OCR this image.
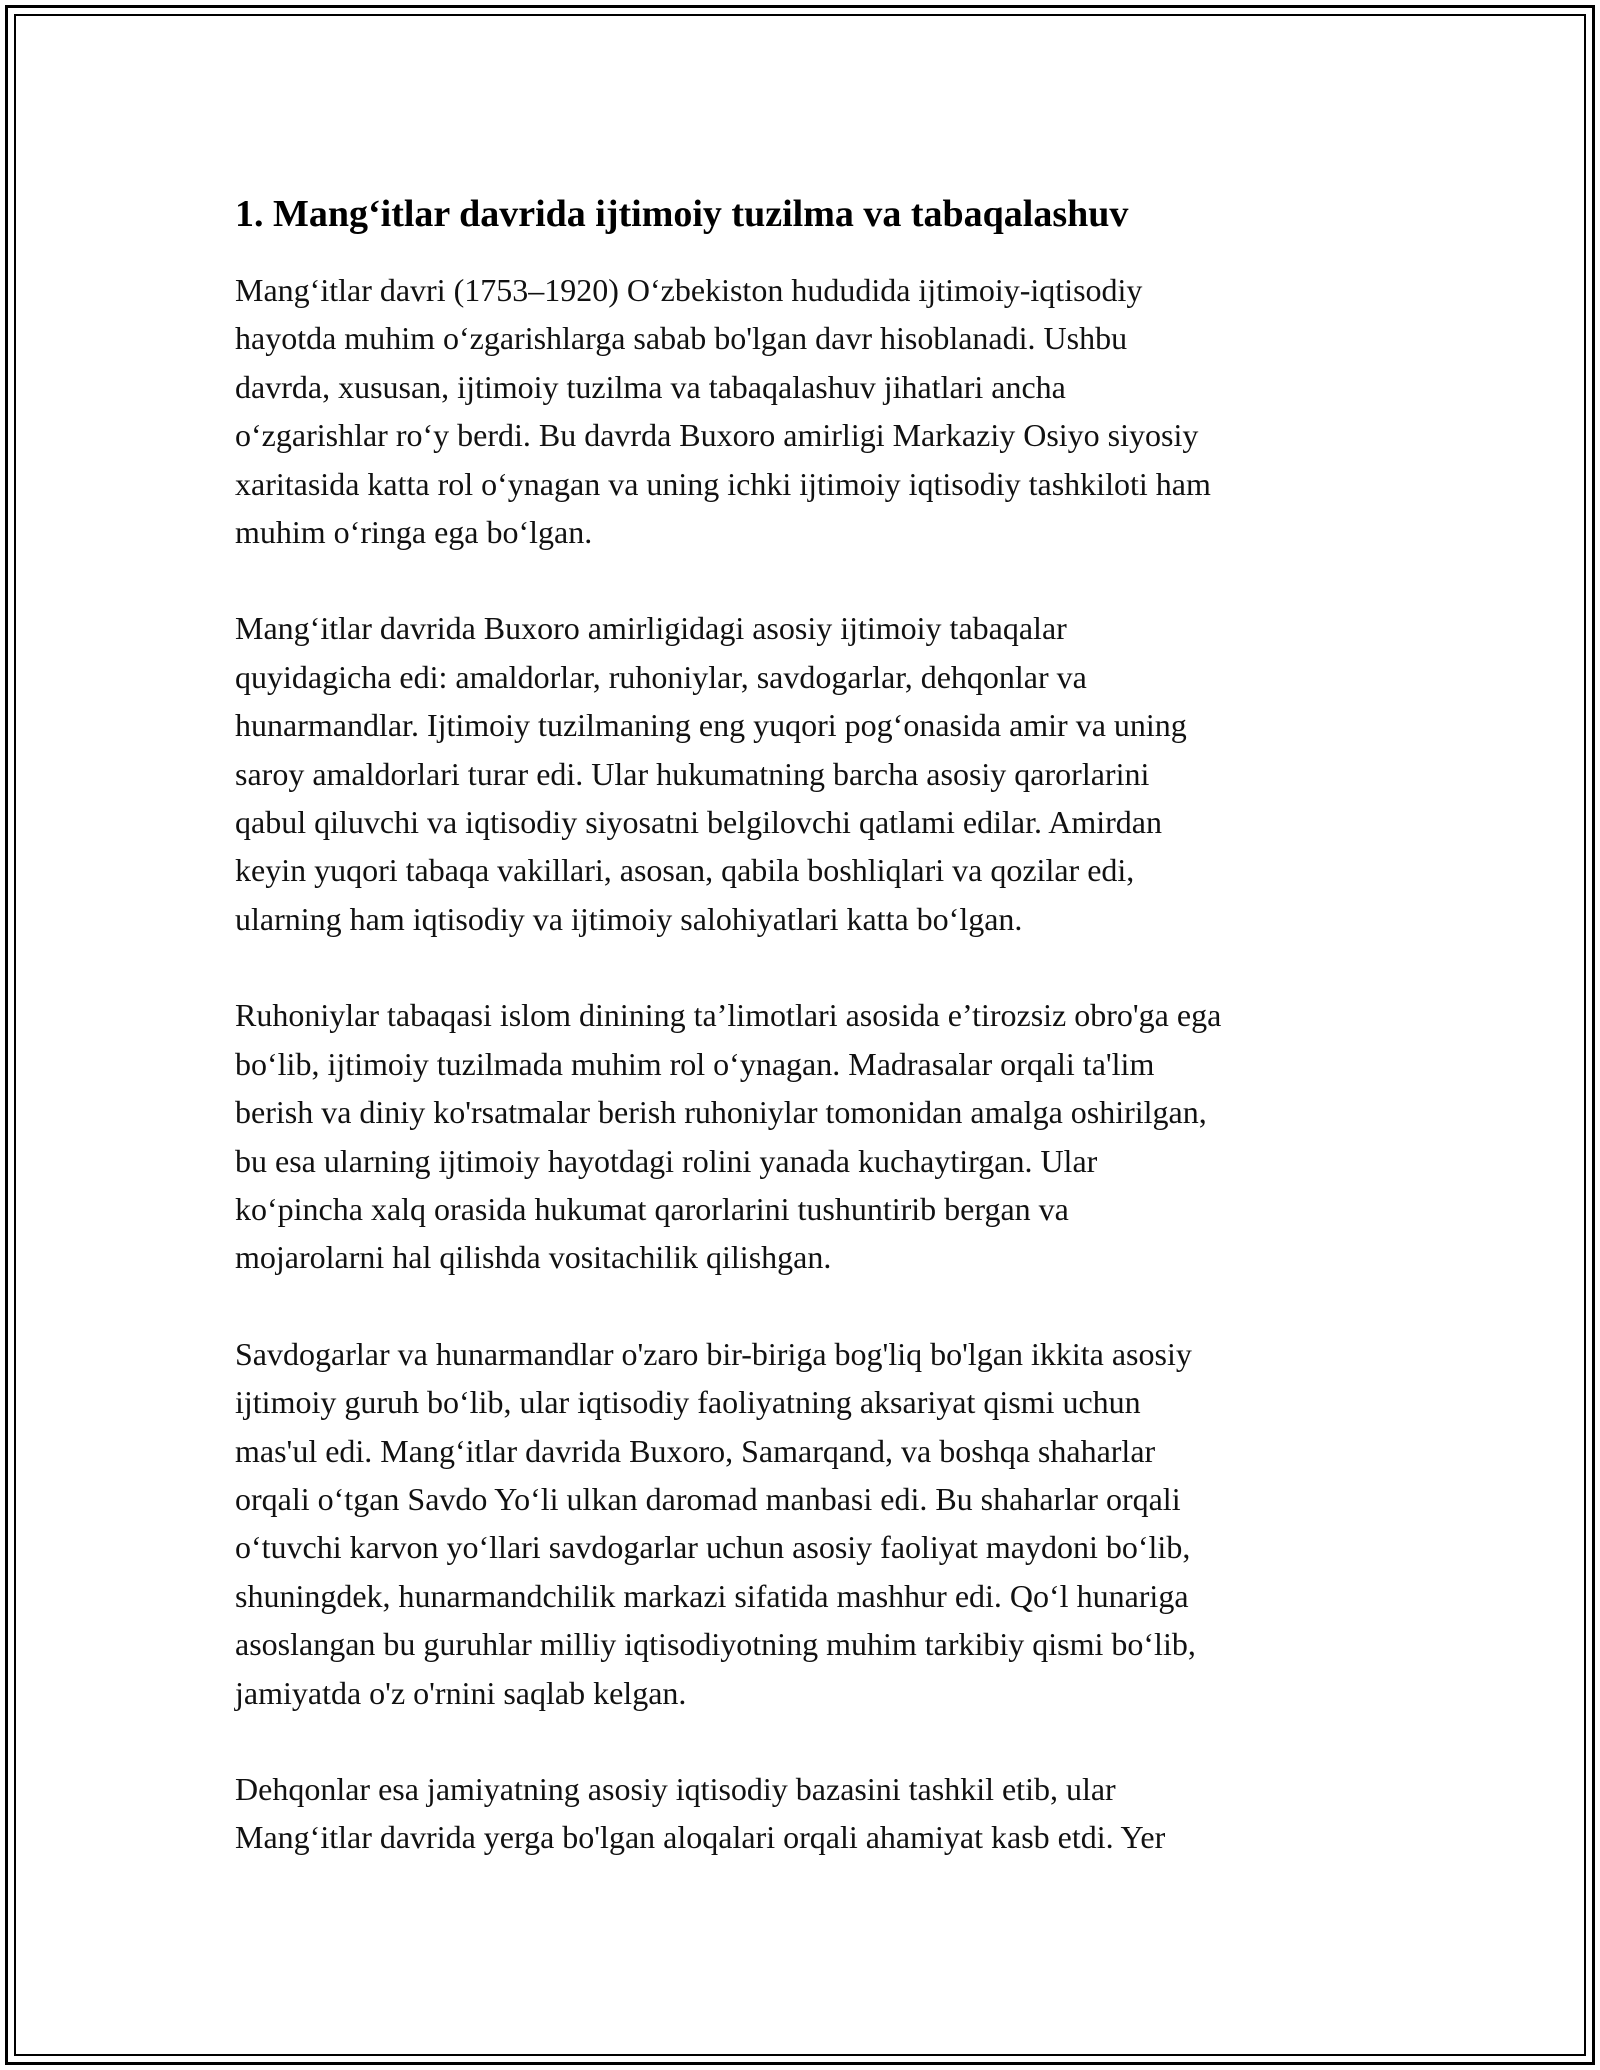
1. Mang‘itlar davrida ijtimoiy tuzilma va tabaqalashuv

Mang‘itlar davri (1753–1920) O‘zbekiston hududida ijtimoiy-iqtisodiy
hayotda muhim o‘zgarishlarga sabab bo'lgan davr hisoblanadi. Ushbu
davrda, xususan, ijtimoiy tuzilma va tabaqalashuv jihatlari ancha
o‘zgarishlar ro‘y berdi. Bu davrda Buxoro amirligi Markaziy Osiyo siyosiy
xaritasida katta rol o‘ynagan va uning ichki ijtimoiy iqtisodiy tashkiloti ham
muhim o‘ringa ega bo‘lgan.

Mang‘itlar davrida Buxoro amirligidagi asosiy ijtimoiy tabaqalar
quyidagicha edi: amaldorlar, ruhoniylar, savdogarlar, dehqonlar va
hunarmandlar. Ijtimoiy tuzilmaning eng yuqori pog‘onasida amir va uning
saroy amaldorlari turar edi. Ular hukumatning barcha asosiy qarorlarini
qabul qiluvchi va iqtisodiy siyosatni belgilovchi qatlami edilar. Amirdan
keyin yuqori tabaqa vakillari, asosan, qabila boshliqlari va qozilar edi,
ularning ham iqtisodiy va ijtimoiy salohiyatlari katta bo‘lgan.

Ruhoniylar tabaqasi islom dinining ta’limotlari asosida e’tirozsiz obro'ga ega
bo‘lib, ijtimoiy tuzilmada muhim rol o‘ynagan. Madrasalar orqali ta'lim
berish va diniy ko'rsatmalar berish ruhoniylar tomonidan amalga oshirilgan,
bu esa ularning ijtimoiy hayotdagi rolini yanada kuchaytirgan. Ular
ko‘pincha xalq orasida hukumat qarorlarini tushuntirib bergan va
mojarolarni hal qilishda vositachilik qilishgan.

Savdogarlar va hunarmandlar o'zaro bir-biriga bog'liq bo'lgan ikkita asosiy
ijtimoiy guruh bo‘lib, ular iqtisodiy faoliyatning aksariyat qismi uchun
mas'ul edi. Mang‘itlar davrida Buxoro, Samarqand, va boshqa shaharlar
orqali o‘tgan Savdo Yo‘li ulkan daromad manbasi edi. Bu shaharlar orqali
o‘tuvchi karvon yo‘llari savdogarlar uchun asosiy faoliyat maydoni bo‘lib,
shuningdek, hunarmandchilik markazi sifatida mashhur edi. Qo‘l hunariga
asoslangan bu guruhlar milliy iqtisodiyotning muhim tarkibiy qismi bo‘lib,
jamiyatda o'z o'rnini saqlab kelgan.

Dehqonlar esa jamiyatning asosiy iqtisodiy bazasini tashkil etib, ular
Mang‘itlar davrida yerga bo'lgan aloqalari orqali ahamiyat kasb etdi. Yer
